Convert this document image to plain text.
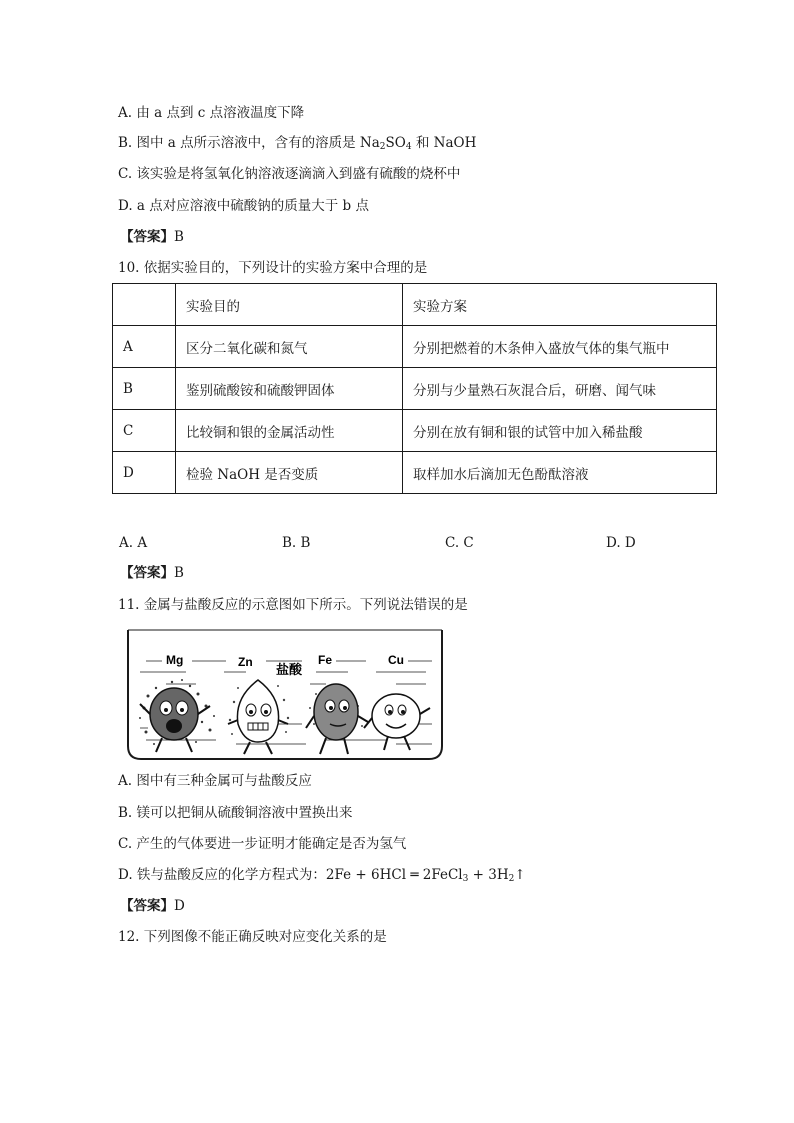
A. 由 a 点到 c 点溶液温度下降
B. 图中 a 点所示溶液中，含有的溶质是 $Na_2SO_4$ 和 NaOH
C. 该实验是将氢氧化钠溶液逐滴滴入到盛有硫酸的烧杯中
D. a 点对应溶液中硫酸钠的质量大于 b 点
【答案】B
10. 依据实验目的，下列设计的实验方案中合理的是
	实验目的	实验方案
A	区分二氧化碳和氮气	分别把燃着的木条伸入盛放气体的集气瓶中
B	鉴别硫酸铵和硫酸钾固体	分别与少量熟石灰混合后，研磨、闻气味
C	比较铜和银的金属活动性	分别在放有铜和银的试管中加入稀盐酸
D	检验 NaOH 是否变质	取样加水后滴加无色酚酞溶液
A. A	B. B	C. C	D. D
【答案】B
11. 金属与盐酸反应的示意图如下所示。下列说法错误的是
Mg	Zn	Fe	Cu
盐酸
A. 图中有三种金属可与盐酸反应
B. 镁可以把铜从硫酸铜溶液中置换出来
C. 产生的气体要进一步证明才能确定是否为氢气
D. 铁与盐酸反应的化学方程式为：2Fe + 6HCl ═ 2FeCl$_3$ + $3H_2↑$
【答案】D
12. 下列图像不能正确反映对应变化关系的是
